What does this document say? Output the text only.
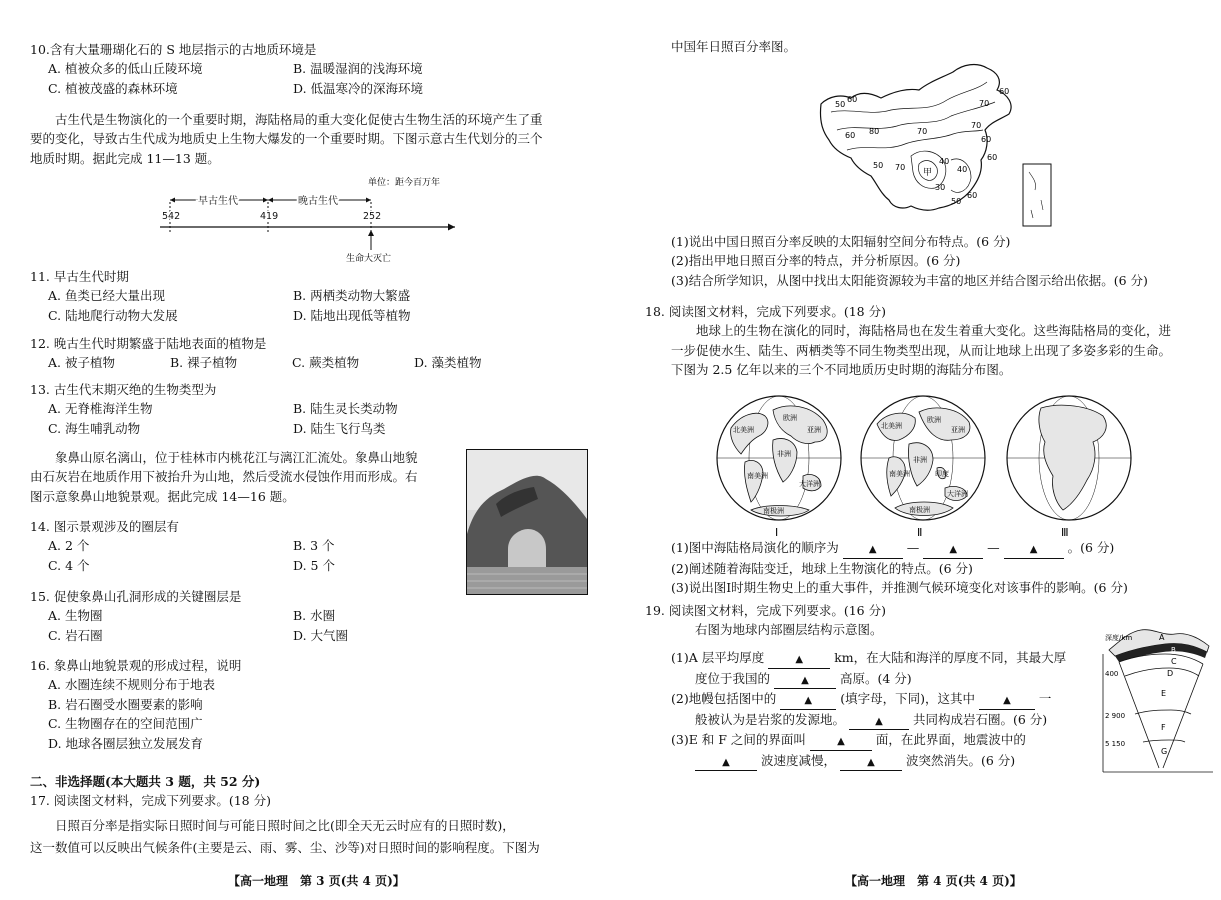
10.含有大量珊瑚化石的 S 地层指示的古地质环境是

A. 植被众多的低山丘陵环境	B. 温暖湿润的浅海环境

C. 植被茂盛的森林环境	D. 低温寒冷的深海环境

古生代是生物演化的一个重要时期，海陆格局的重大变化促使古生物生活的环境产生了重

要的变化，导致古生代成为地质史上生物大爆发的一个重要时期。下图示意古生代划分的三个

地质时期。据此完成 11—13 题。

单位：距今百万年
早古生代	晚古生代
542	419	252
生命大灭亡

11. 早古生代时期

A. 鱼类已经大量出现	B. 两栖类动物大繁盛

C. 陆地爬行动物大发展	D. 陆地出现低等植物

12. 晚古生代时期繁盛于陆地表面的植物是

A. 被子植物	B. 裸子植物	C. 蕨类植物	D. 藻类植物

13. 古生代末期灭绝的生物类型为

A. 无脊椎海洋生物	B. 陆生灵长类动物

C. 海生哺乳动物	D. 陆生飞行鸟类

象鼻山原名漓山，位于桂林市内桃花江与漓江汇流处。象鼻山地貌

由石灰岩在地质作用下被抬升为山地，然后受流水侵蚀作用而形成。右

图示意象鼻山地貌景观。据此完成 14—16 题。

14. 图示景观涉及的圈层有

A. 2 个	B. 3 个

C. 4 个	D. 5 个

15. 促使象鼻山孔洞形成的关键圈层是

A. 生物圈	B. 水圈

C. 岩石圈	D. 大气圈

16. 象鼻山地貌景观的形成过程，说明

A. 水圈连续不规则分布于地表

B. 岩石圈受水圈要素的影响

C. 生物圈存在的空间范围广

D. 地球各圈层独立发展发育

二、非选择题(本大题共 3 题，共 52 分)

17. 阅读图文材料，完成下列要求。(18 分)

日照百分率是指实际日照时间与可能日照时间之比(即全天无云时应有的日照时数)，

这一数值可以反映出气候条件(主要是云、雨、雾、尘、沙等)对日照时间的影响程度。下图为

【高一地理　第 3 页(共 4 页)】

中国年日照百分率图。

50
60
60
70
60 80	70
70
60
50 70
40
30
40
50
60
60
甲

(1)说出中国日照百分率反映的太阳辐射空间分布特点。(6 分)

(2)指出甲地日照百分率的特点，并分析原因。(6 分)

(3)结合所学知识，从图中找出太阳能资源较为丰富的地区并结合图示给出依据。(6 分)

18. 阅读图文材料，完成下列要求。(18 分)

地球上的生物在演化的同时，海陆格局也在发生着重大变化。这些海陆格局的变化，进

一步促使水生、陆生、两栖类等不同生物类型出现，从而让地球上出现了多姿多彩的生命。

下图为 2.5 亿年以来的三个不同地质历史时期的海陆分布图。

北美洲
欧洲
亚洲
非洲
南美洲
大洋洲
南极洲
Ⅰ
北美洲
欧洲
亚洲
非洲
南美洲	印度
大洋洲
南极洲
Ⅱ	Ⅲ

(1)图中海陆格局演化的顺序为	▲ —	▲ —	▲ 。(6 分)

(2)阐述随着海陆变迁，地球上生物演化的特点。(6 分)

(3)说出图Ⅰ时期生物史上的重大事件，并推测气候环境变化对该事件的影响。(6 分)

19. 阅读图文材料，完成下列要求。(16 分)

右图为地球内部圈层结构示意图。

(1)A 层平均厚度	▲ km，在大陆和海洋的厚度不同，其最大厚

度位于我国的	▲ 高原。(4 分)

(2)地幔包括图中的	▲ (填字母，下同)，这其中	▲ 一

般被认为是岩浆的发源地。	▲ 共同构成岩石圈。(6 分)

(3)E 和 F 之间的界面叫	▲ 面，在此界面，地震波中的

▲ 波速度减慢，	▲ 波突然消失。(6 分)

深度/km	A
B
C
D
E
F
G
400
2 900
5 150
【高一地理　第 4 页(共 4 页)】
